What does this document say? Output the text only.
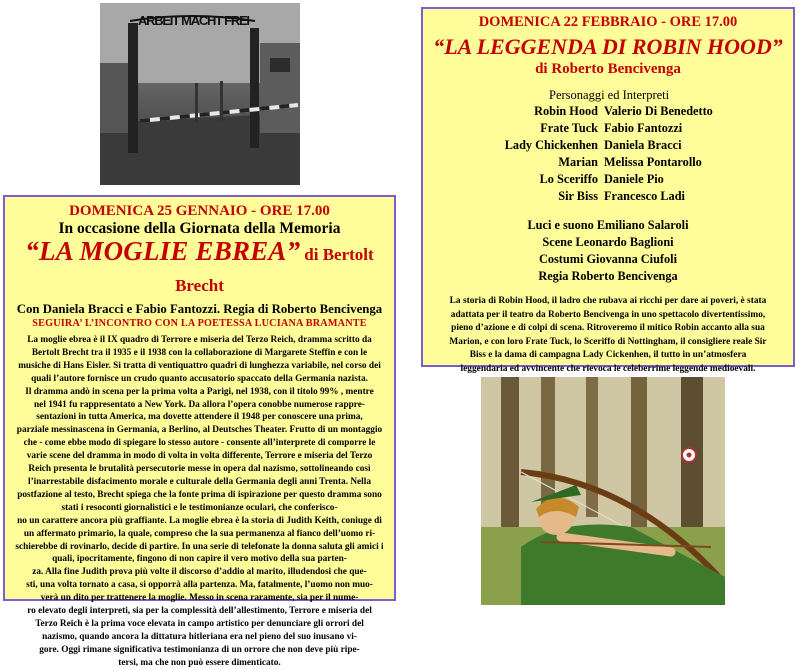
ARBEIT MACHT FREI
DOMENICA 25 GENNAIO - ORE 17.00
In occasione della Giornata della Memoria
“LA MOGLIE EBREA” di Bertolt Brecht
Con Daniela Bracci e Fabio Fantozzi. Regia di Roberto Bencivenga
SEGUIRA’ L’INCONTRO CON LA POETESSA LUCIANA BRAMANTE
La moglie ebrea è il IX quadro di Terrore e miseria del Terzo Reich, dramma scritto da
Bertolt Brecht tra il 1935 e il 1938 con la collaborazione di Margarete Steffin e con le
musiche di Hans Eisler. Si tratta di ventiquattro quadri di lunghezza variabile, nel corso dei
quali l’autore fornisce un crudo quanto accusatorio spaccato della Germania nazista.
Il dramma andò in scena per la prima volta a Parigi, nel 1938, con il titolo 99% , mentre
nel 1941 fu rappresentato a New York. Da allora l’opera conobbe numerose rappre-
sentazioni in tutta America, ma dovette attendere il 1948 per conoscere una prima,
parziale messinascena in Germania, a Berlino, al Deutsches Theater. Frutto di un montaggio
che - come ebbe modo di spiegare lo stesso autore - consente all’interprete di comporre le
varie scene del dramma in modo di volta in volta differente, Terrore e miseria del Terzo
Reich presenta le brutalità persecutorie messe in opera dal nazismo, sottolineando così
l’inarrestabile disfacimento morale e culturale della Germania degli anni Trenta. Nella
postfazione al testo, Brecht spiega che la fonte prima di ispirazione per questo dramma sono
stati i resoconti giornalistici e le testimonianze oculari, che conferisco-
no un carattere ancora più graffiante. La moglie ebrea è la storia di Judith Keith, coniuge di
un affermato primario, la quale, compreso che la sua permanenza al fianco dell’uomo ri-
schierebbe di rovinarlo, decide di partire. In una serie di telefonate la donna saluta gli amici i
quali, ipocritamente, fingono di non capire il vero motivo della sua parten-
za. Alla fine Judith prova più volte il discorso d’addio al marito, illudendosi che que-
sti, una volta tornato a casa, si opporrà alla partenza. Ma, fatalmente, l’uomo non muo-
verà un dito per trattenere la moglie. Messo in scena raramente, sia per il nume-
ro elevato degli interpreti, sia per la complessità dell’allestimento, Terrore e miseria del
Terzo Reich è la prima voce elevata in campo artistico per denunciare gli orrori del
nazismo, quando ancora la dittatura hitleriana era nel pieno del suo inusano vi-
gore. Oggi rimane significativa testimonianza di un orrore che non deve più ripe-
tersi, ma che non può essere dimenticato.
DOMENICA 22 FEBBRAIO - ORE 17.00
“LA LEGGENDA DI ROBIN HOOD”
di Roberto Bencivenga
Personaggi ed Interpreti
Robin Hood Valerio Di Benedetto
Frate Tuck Fabio Fantozzi
Lady Chickenhen Daniela Bracci
Marian Melissa Pontarollo
Lo Sceriffo Daniele Pio
Sir Biss Francesco Ladi
Luci e suono Emiliano Salaroli
Scene Leonardo Baglioni
Costumi Giovanna Ciufoli
Regia Roberto Bencivenga
La storia di Robin Hood, il ladro che rubava ai ricchi per dare ai poveri, è stata
adattata per il teatro da Roberto Bencivenga in uno spettacolo divertentissimo,
pieno d’azione e di colpi di scena. Ritroveremo il mitico Robin accanto alla sua
Marion, e con loro Frate Tuck, lo Sceriffo di Nottingham, il consigliere reale Sir
Biss e la dama di campagna Lady Cickenhen, il tutto in un’atmosfera
leggendaria ed avvincente che rievoca le celeberrime leggende medioevali.
